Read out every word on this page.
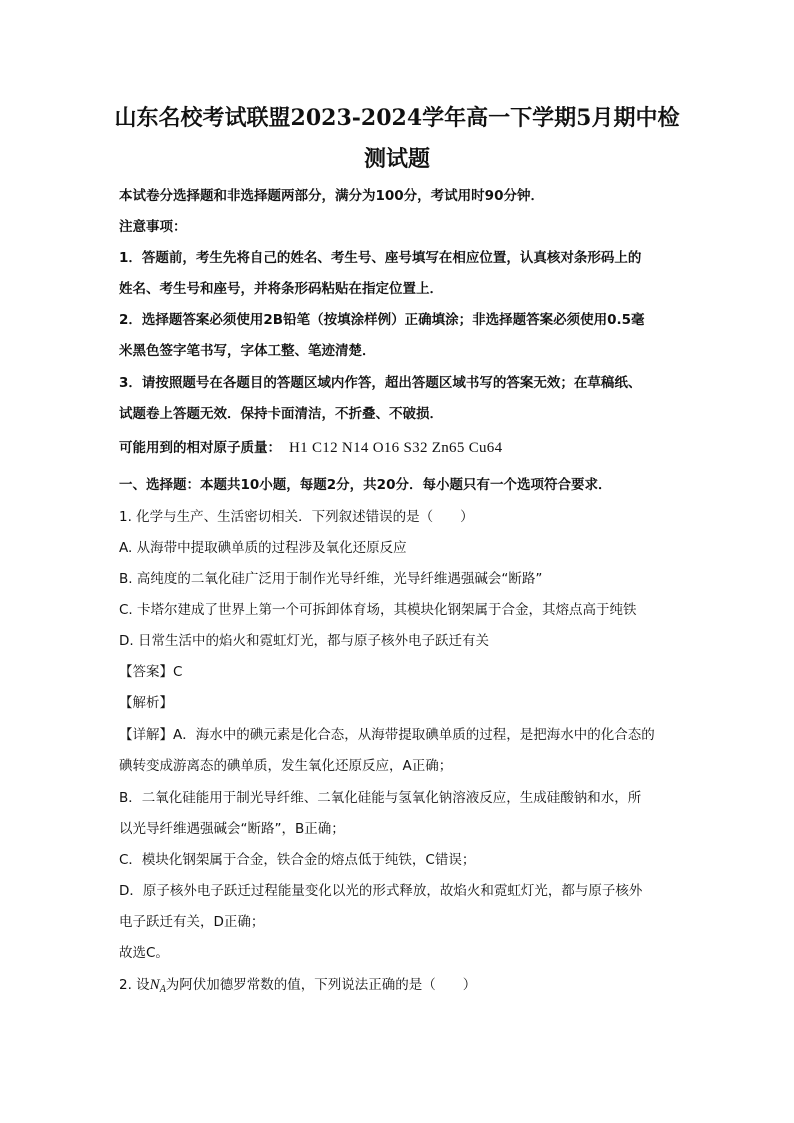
山东名校考试联盟2023-2024学年高一下学期5月期中检
测试题

本试卷分选择题和非选择题两部分，满分为100分，考试用时90分钟．

注意事项：

1．答题前，考生先将自己的姓名、考生号、座号填写在相应位置，认真核对条形码上的

姓名、考生号和座号，并将条形码粘贴在指定位置上．

2．选择题答案必须使用2B铅笔（按填涂样例）正确填涂；非选择题答案必须使用0.5毫

米黑色签字笔书写，字体工整、笔迹清楚．

3．请按照题号在各题目的答题区域内作答，超出答题区域书写的答案无效；在草稿纸、

试题卷上答题无效．保持卡面清洁，不折叠、不破损．

可能用到的相对原子质量： H1 C12 N14 O16 S32 Zn65 Cu64

一、选择题：本题共10小题，每题2分，共20分．每小题只有一个选项符合要求．

1. 化学与生产、生活密切相关．下列叙述错误的是（　　）

A. 从海带中提取碘单质的过程涉及氧化还原反应

B. 高纯度的二氧化硅广泛用于制作光导纤维，光导纤维遇强碱会“断路”

C. 卡塔尔建成了世界上第一个可拆卸体育场，其模块化钢架属于合金，其熔点高于纯铁

D. 日常生活中的焰火和霓虹灯光，都与原子核外电子跃迁有关

【答案】C

【解析】

【详解】A．海水中的碘元素是化合态，从海带提取碘单质的过程，是把海水中的化合态的

碘转变成游离态的碘单质，发生氧化还原反应，A正确；

B．二氧化硅能用于制光导纤维、二氧化硅能与氢氧化钠溶液反应，生成硅酸钠和水，所

以光导纤维遇强碱会“断路”，B正确；

C．模块化钢架属于合金，铁合金的熔点低于纯铁，C错误；

D．原子核外电子跃迁过程能量变化以光的形式释放，故焰火和霓虹灯光，都与原子核外

电子跃迁有关，D正确；

故选C。

2. 设$N_A$为阿伏加德罗常数的值，下列说法正确的是（　　）
